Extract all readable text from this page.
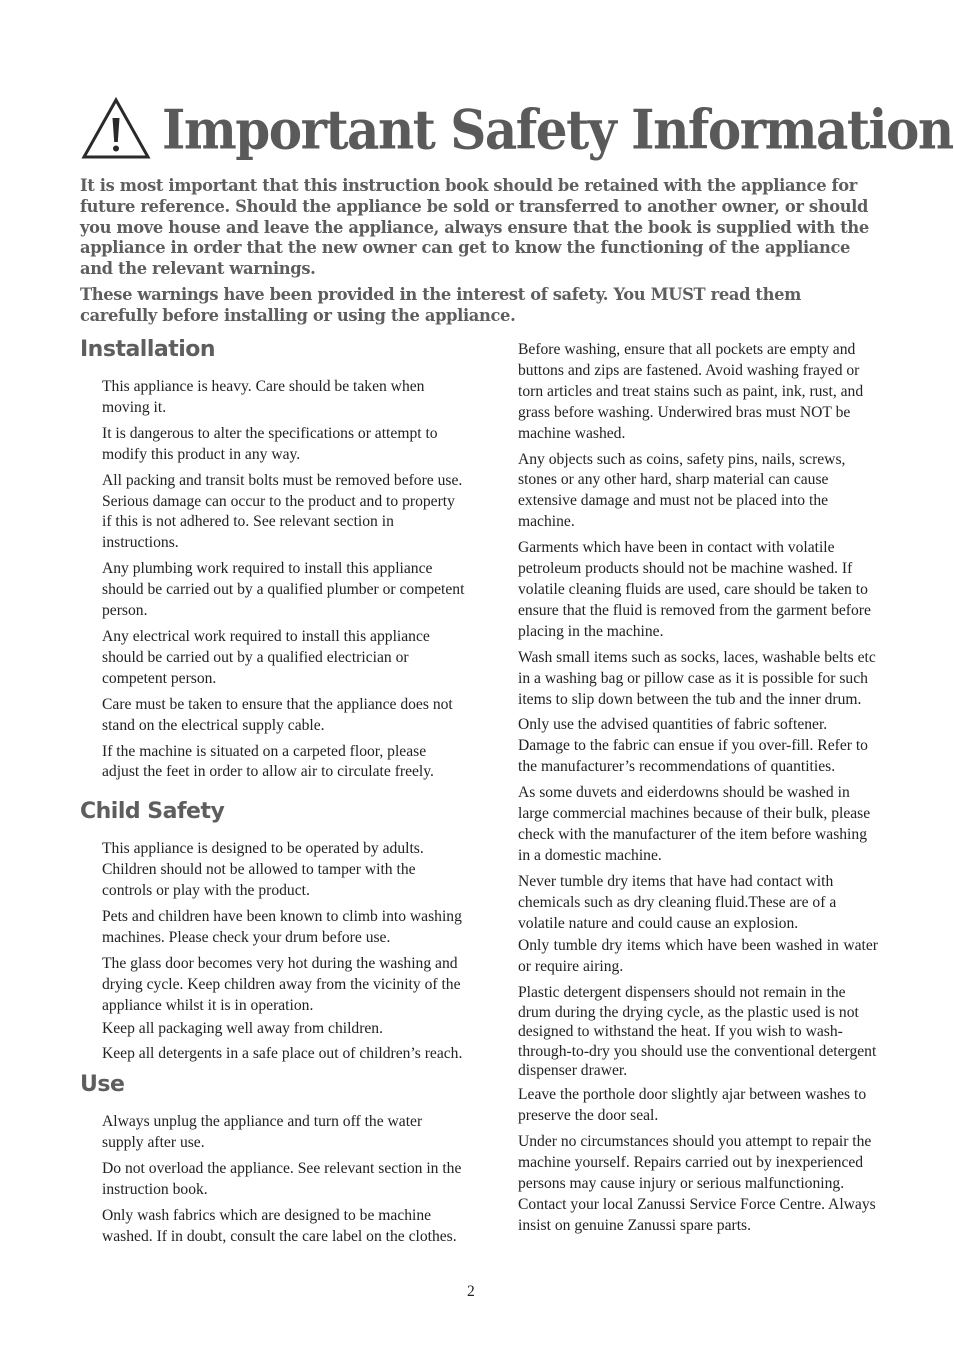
Important Safety Information

It is most important that this instruction book should be retained with the appliance for future reference. Should the appliance be sold or transferred to another owner, or should you move house and leave the appliance, always ensure that the book is supplied with the appliance in order that the new owner can get to know the functioning of the appliance and the relevant warnings.

These warnings have been provided in the interest of safety. You MUST read them carefully before installing or using the appliance.

Installation
This appliance is heavy. Care should be taken when moving it.
It is dangerous to alter the specifications or attempt to modify this product in any way.
All packing and transit bolts must be removed before use. Serious damage can occur to the product and to property if this is not adhered to. See relevant section in instructions.
Any plumbing work required to install this appliance should be carried out by a qualified plumber or competent person.
Any electrical work required to install this appliance should be carried out by a qualified electrician or competent person.
Care must be taken to ensure that the appliance does not stand on the electrical supply cable.
If the machine is situated on a carpeted floor, please adjust the feet in order to allow air to circulate freely.
Child Safety
This appliance is designed to be operated by adults. Children should not be allowed to tamper with the controls or play with the product.
Pets and children have been known to climb into washing machines. Please check your drum before use.
The glass door becomes very hot during the washing and drying cycle. Keep children away from the vicinity of the appliance whilst it is in operation.
Keep all packaging well away from children.
Keep all detergents in a safe place out of children’s reach.
Use
Always unplug the appliance and turn off the water supply after use.
Do not overload the appliance. See relevant section in the instruction book.
Only wash fabrics which are designed to be machine washed. If in doubt, consult the care label on the clothes.

Before washing, ensure that all pockets are empty and buttons and zips are fastened. Avoid washing frayed or torn articles and treat stains such as paint, ink, rust, and grass before washing. Underwired bras must NOT be machine washed.

Any objects such as coins, safety pins, nails, screws, stones or any other hard, sharp material can cause extensive damage and must not be placed into the machine.

Garments which have been in contact with volatile petroleum products should not be machine washed. If volatile cleaning fluids are used, care should be taken to ensure that the fluid is removed from the garment before placing in the machine.

Wash small items such as socks, laces, washable belts etc in a washing bag or pillow case as it is possible for such items to slip down between the tub and the inner drum.

Only use the advised quantities of fabric softener. Damage to the fabric can ensue if you over-fill. Refer to the manufacturer’s recommendations of quantities.

As some duvets and eiderdowns should be washed in large commercial machines because of their bulk, please check with the manufacturer of the item before washing in a domestic machine.

Never tumble dry items that have had contact with chemicals such as dry cleaning fluid.These are of a volatile nature and could cause an explosion.

Only tumble dry items which have been washed in water or require airing.

Plastic detergent dispensers should not remain in the drum during the drying cycle, as the plastic used is not designed to withstand the heat. If you wish to wash-through-to-dry you should use the conventional detergent dispenser drawer.

Leave the porthole door slightly ajar between washes to preserve the door seal.

Under no circumstances should you attempt to repair the machine yourself. Repairs carried out by inexperienced persons may cause injury or serious malfunctioning. Contact your local Zanussi Service Force Centre. Always insist on genuine Zanussi spare parts.

2
